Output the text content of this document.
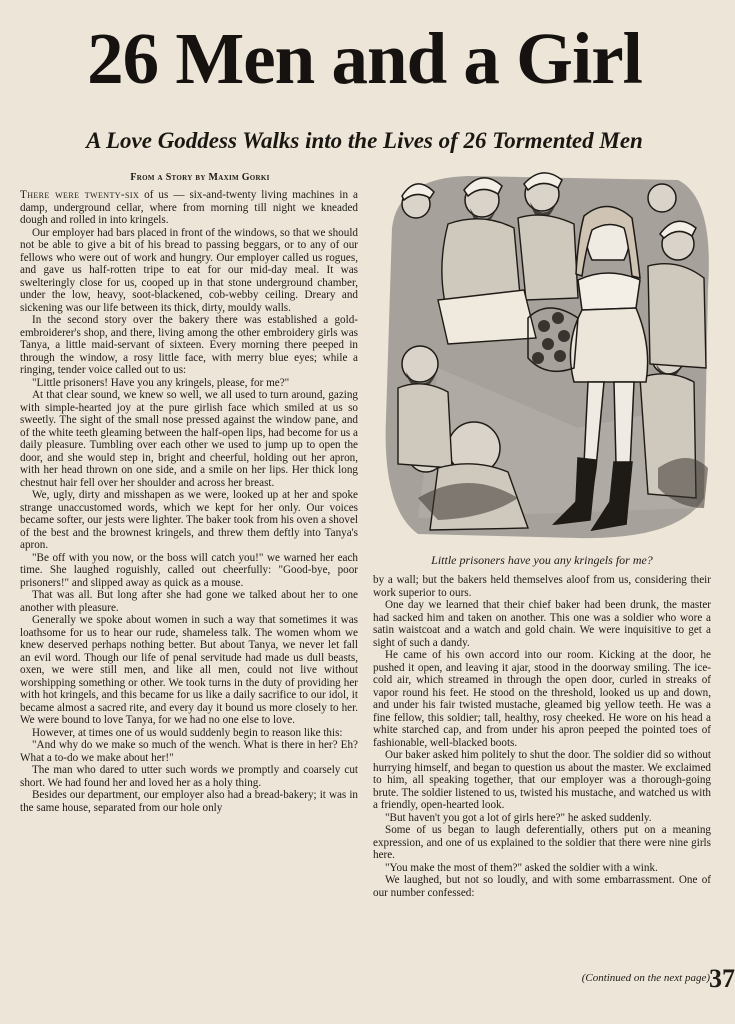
26 Men and a Girl
A Love Goddess Walks into the Lives of 26 Tormented Men
From a Story by Maxim Gorki

There were twenty-six of us — six-and-twenty living machines in a damp, underground cellar, where from morning till night we kneaded dough and rolled in into kringels.

Our employer had bars placed in front of the windows, so that we should not be able to give a bit of his bread to passing beggars, or to any of our fellows who were out of work and hungry. Our employer called us rogues, and gave us half-rotten tripe to eat for our mid-day meal. It was swelteringly close for us, cooped up in that stone underground chamber, under the low, heavy, soot-blackened, cob-webby ceiling. Dreary and sickening was our life between its thick, dirty, mouldy walls.

In the second story over the bakery there was established a gold-embroiderer's shop, and there, living among the other embroidery girls was Tanya, a little maid-servant of sixteen. Every morning there peeped in through the window, a rosy little face, with merry blue eyes; while a ringing, tender voice called out to us:

"Little prisoners! Have you any kringels, please, for me?"

At that clear sound, we knew so well, we all used to turn around, gazing with simple-hearted joy at the pure girlish face which smiled at us so sweetly. The sight of the small nose pressed against the window pane, and of the white teeth gleaming between the half-open lips, had become for us a daily pleasure. Tumbling over each other we used to jump up to open the door, and she would step in, bright and cheerful, holding out her apron, with her head thrown on one side, and a smile on her lips. Her thick long chestnut hair fell over her shoulder and across her breast.

We, ugly, dirty and misshapen as we were, looked up at her and spoke strange unaccustomed words, which we kept for her only. Our voices became softer, our jests were lighter. The baker took from his oven a shovel of the best and the brownest kringels, and threw them deftly into Tanya's apron.

"Be off with you now, or the boss will catch you!" we warned her each time. She laughed roguishly, called out cheerfully: "Good-bye, poor prisoners!" and slipped away as quick as a mouse.

That was all. But long after she had gone we talked about her to one another with pleasure.

Generally we spoke about women in such a way that sometimes it was loathsome for us to hear our rude, shameless talk. The women whom we knew deserved perhaps nothing better. But about Tanya, we never let fall an evil word. Though our life of penal servitude had made us dull beasts, oxen, we were still men, and like all men, could not live without worshipping something or other. We took turns in the duty of providing her with hot kringels, and this became for us like a daily sacrifice to our idol, it became almost a sacred rite, and every day it bound us more closely to her. We were bound to love Tanya, for we had no one else to love.

However, at times one of us would suddenly begin to reason like this:

"And why do we make so much of the wench. What is there in her? Eh? What a to-do we make about her!"

The man who dared to utter such words we promptly and coarsely cut short. We had found her and loved her as a holy thing.

Besides our department, our employer also had a bread-bakery; it was in the same house, separated from our hole only

Little prisoners have you any kringels for me?

by a wall; but the bakers held themselves aloof from us, considering their work superior to ours.

One day we learned that their chief baker had been drunk, the master had sacked him and taken on another. This one was a soldier who wore a satin waistcoat and a watch and gold chain. We were inquisitive to get a sight of such a dandy.

He came of his own accord into our room. Kicking at the door, he pushed it open, and leaving it ajar, stood in the doorway smiling. The ice-cold air, which streamed in through the open door, curled in streaks of vapor round his feet. He stood on the threshold, looked us up and down, and under his fair twisted mustache, gleamed big yellow teeth. He was a fine fellow, this soldier; tall, healthy, rosy cheeked. He wore on his head a white starched cap, and from under his apron peeped the pointed toes of fashionable, well-blacked boots.

Our baker asked him politely to shut the door. The soldier did so without hurrying himself, and began to question us about the master. We exclaimed to him, all speaking together, that our employer was a thorough-going brute. The soldier listened to us, twisted his mustache, and watched us with a friendly, open-hearted look.

"But haven't you got a lot of girls here?" he asked suddenly.

Some of us began to laugh deferentially, others put on a meaning expression, and one of us explained to the soldier that there were nine girls here.

"You make the most of them?" asked the soldier with a wink.

We laughed, but not so loudly, and with some embarrassment. One of our number confessed:

(Continued on the next page) 37
